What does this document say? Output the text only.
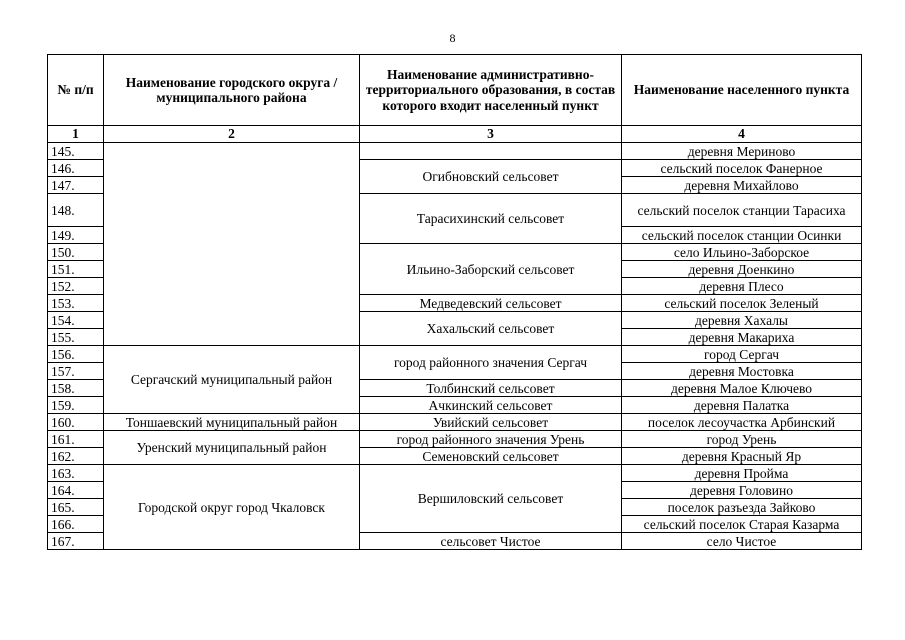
8
№ п/п	Наименование городского округа / муниципального района	Наименование административно-территориального образования, в состав которого входит населенный пункт	Наименование населенного пункта
1	2	3	4
145.			деревня Мериново
146.		Огибновский сельсовет	сельский поселок Фанерное
147.			деревня Михайлово
148.		Тарасихинский сельсовет	сельский поселок станции Тарасиха
149.			сельский поселок станции Осинки
150.		Ильино-Заборский сельсовет	село Ильино-Заборское
151.			деревня Доенкино
152.			деревня Плесо
153.		Медведевский сельсовет	сельский поселок Зеленый
154.		Хахальский сельсовет	деревня Хахалы
155.			деревня Макариха
156.	Сергачский муниципальный район	город районного значения Сергач	город Сергач
157.			деревня Мостовка
158.		Толбинский сельсовет	деревня Малое Ключево
159.		Ачкинский сельсовет	деревня Палатка
160.	Тоншаевский муниципальный район	Увийский сельсовет	поселок лесоучастка Арбинский
161.	Уренский муниципальный район	город районного значения Урень	город Урень
162.		Семеновский сельсовет	деревня Красный Яр
163.	Городской округ город Чкаловск	Вершиловский сельсовет	деревня Пройма
164.			деревня Головино
165.			поселок разъезда Зайково
166.			сельский поселок Старая Казарма
167.		сельсовет Чистое	село Чистое
